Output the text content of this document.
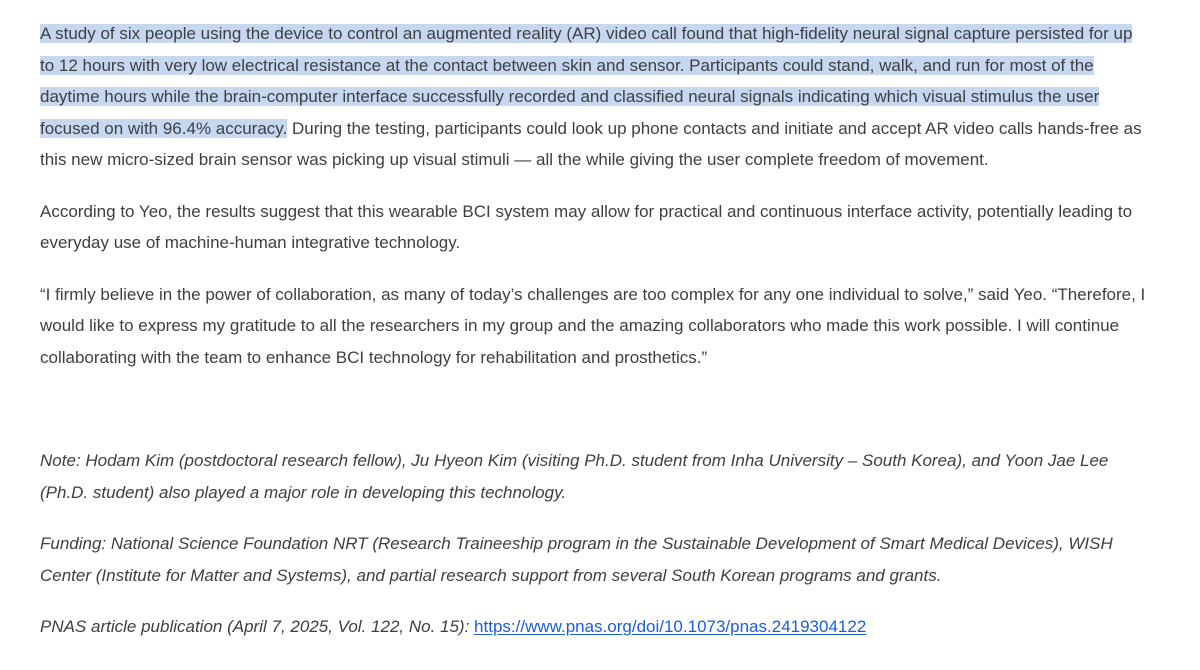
A study of six people using the device to control an augmented reality (AR) video call found that high-fidelity neural signal capture persisted for up to 12 hours with very low electrical resistance at the contact between skin and sensor. Participants could stand, walk, and run for most of the daytime hours while the brain-computer interface successfully recorded and classified neural signals indicating which visual stimulus the user focused on with 96.4% accuracy. During the testing, participants could look up phone contacts and initiate and accept AR video calls hands-free as this new micro-sized brain sensor was picking up visual stimuli — all the while giving the user complete freedom of movement.

According to Yeo, the results suggest that this wearable BCI system may allow for practical and continuous interface activity, potentially leading to everyday use of machine-human integrative technology.

“I firmly believe in the power of collaboration, as many of today’s challenges are too complex for any one individual to solve,” said Yeo. “Therefore, I would like to express my gratitude to all the researchers in my group and the amazing collaborators who made this work possible. I will continue collaborating with the team to enhance BCI technology for rehabilitation and prosthetics.”

Note: Hodam Kim (postdoctoral research fellow), Ju Hyeon Kim (visiting Ph.D. student from Inha University – South Korea), and Yoon Jae Lee (Ph.D. student) also played a major role in developing this technology.

Funding: National Science Foundation NRT (Research Traineeship program in the Sustainable Development of Smart Medical Devices), WISH Center (Institute for Matter and Systems), and partial research support from several South Korean programs and grants.

PNAS article publication (April 7, 2025, Vol. 122, No. 15): https://www.pnas.org/doi/10.1073/pnas.2419304122
